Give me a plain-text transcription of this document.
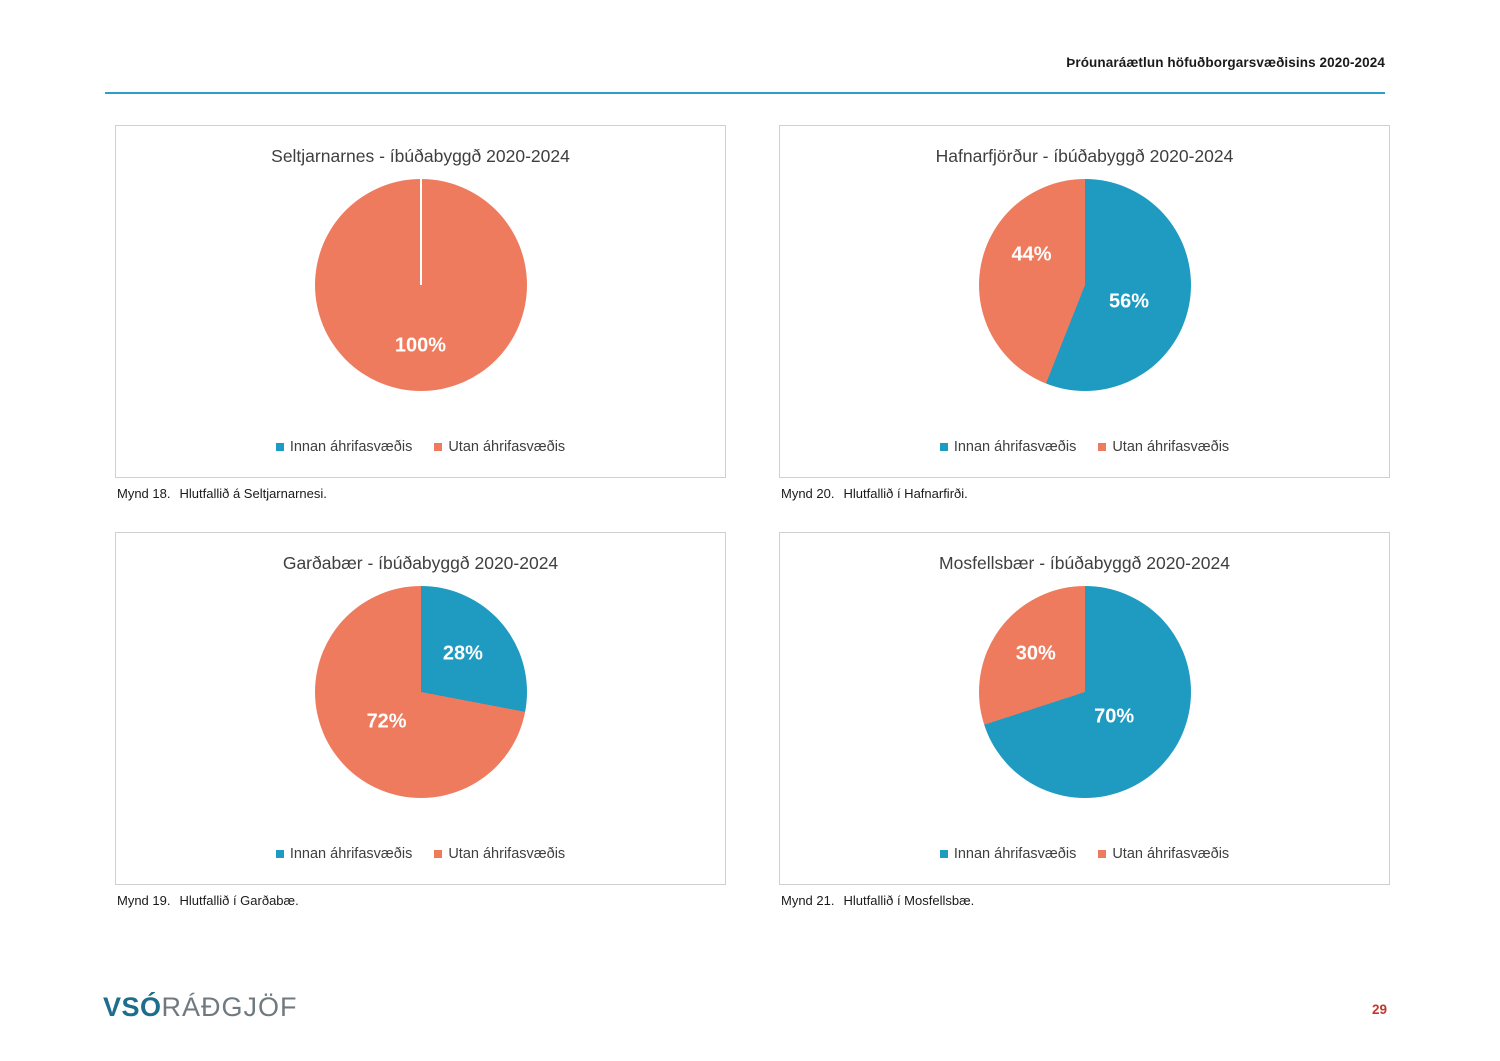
Þróunaráætlun höfuðborgarsvæðisins 2020-2024
Seltjarnarnes - íbúðabyggð 2020-2024
100%
Innan áhrifasvæðis Utan áhrifasvæðis
Mynd 18. Hlutfallið á Seltjarnarnesi.
Hafnarfjörður - íbúðabyggð 2020-2024
56%
44%
Innan áhrifasvæðis Utan áhrifasvæðis
Mynd 20. Hlutfallið í Hafnarfirði.
Garðabær - íbúðabyggð 2020-2024
28%
72%
Innan áhrifasvæðis Utan áhrifasvæðis
Mynd 19. Hlutfallið í Garðabæ.
Mosfellsbær - íbúðabyggð 2020-2024
70%
30%
Innan áhrifasvæðis Utan áhrifasvæðis
Mynd 21. Hlutfallið í Mosfellsbæ.
VSÓRÁÐGJÖF	29
